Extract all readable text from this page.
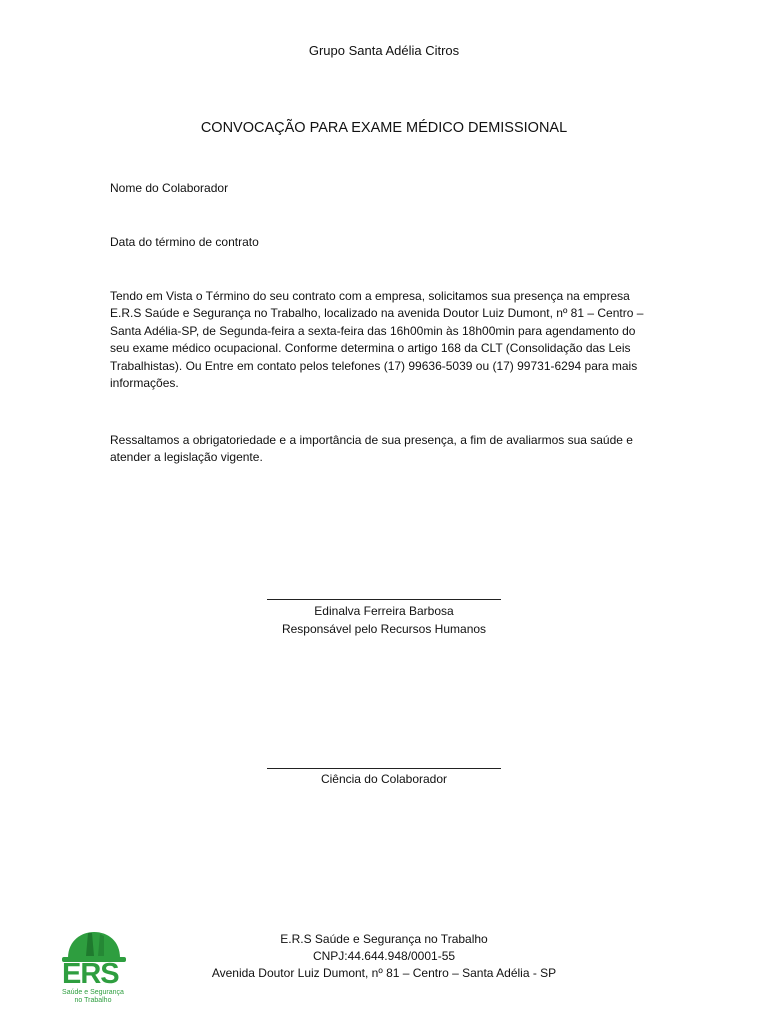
Grupo Santa Adélia Citros
CONVOCAÇÃO PARA EXAME MÉDICO DEMISSIONAL
Nome do Colaborador
Data do término de contrato

Tendo em Vista o Término do seu contrato com a empresa, solicitamos sua presença na empresa E.R.S Saúde e Segurança no Trabalho, localizado na avenida Doutor Luiz Dumont, nº 81 – Centro – Santa Adélia-SP, de Segunda-feira a sexta-feira das 16h00min às 18h00min para agendamento do seu exame médico ocupacional. Conforme determina o artigo 168 da CLT (Consolidação das Leis Trabalhistas). Ou Entre em contato pelos telefones (17) 99636-5039 ou (17) 99731-6294 para mais informações.

Ressaltamos a obrigatoriedade e a importância de sua presença, a fim de avaliarmos sua saúde e atender a legislação vigente.

Edinalva Ferreira Barbosa
Responsável pelo Recursos Humanos
Ciência do Colaborador
E.R.S Saúde e Segurança no Trabalho
CNPJ:44.644.948/0001-55
Avenida Doutor Luiz Dumont, nº 81 – Centro – Santa Adélia - SP
ERS
Saúde e Segurança
no Trabalho
